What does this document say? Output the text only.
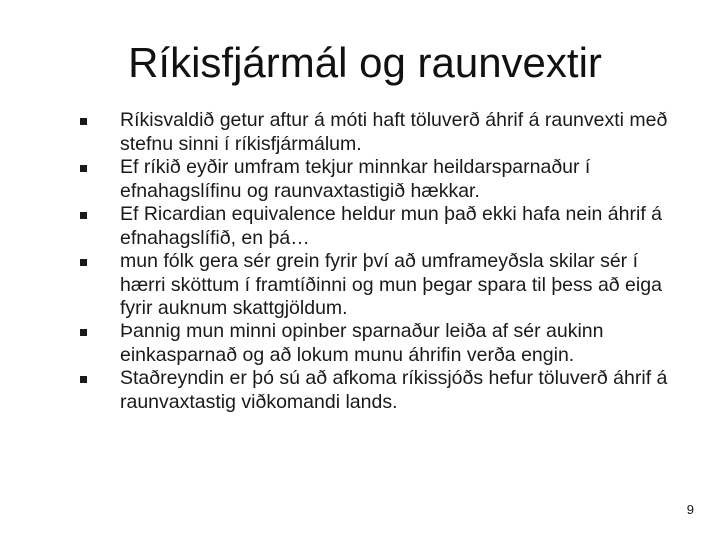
Ríkisfjármál og raunvextir
Ríkisvaldið getur aftur á móti haft töluverð áhrif á raunvexti með stefnu sinni í ríkisfjármálum.
Ef ríkið eyðir umfram tekjur minnkar heildarsparnaður í efnahagslífinu og raunvaxtastigið hækkar.
Ef Ricardian equivalence heldur mun það ekki hafa nein áhrif á efnahagslífið, en þá…
mun fólk gera sér grein fyrir því að umframeyðsla skilar sér í hærri sköttum í framtíðinni og mun þegar spara til þess að eiga fyrir auknum skattgjöldum.
Þannig mun minni opinber sparnaður leiða af sér aukinn einkasparnað og að lokum munu áhrifin verða engin.
Staðreyndin er þó sú að afkoma ríkissjóðs hefur töluverð áhrif á raunvaxtastig viðkomandi lands.
9
